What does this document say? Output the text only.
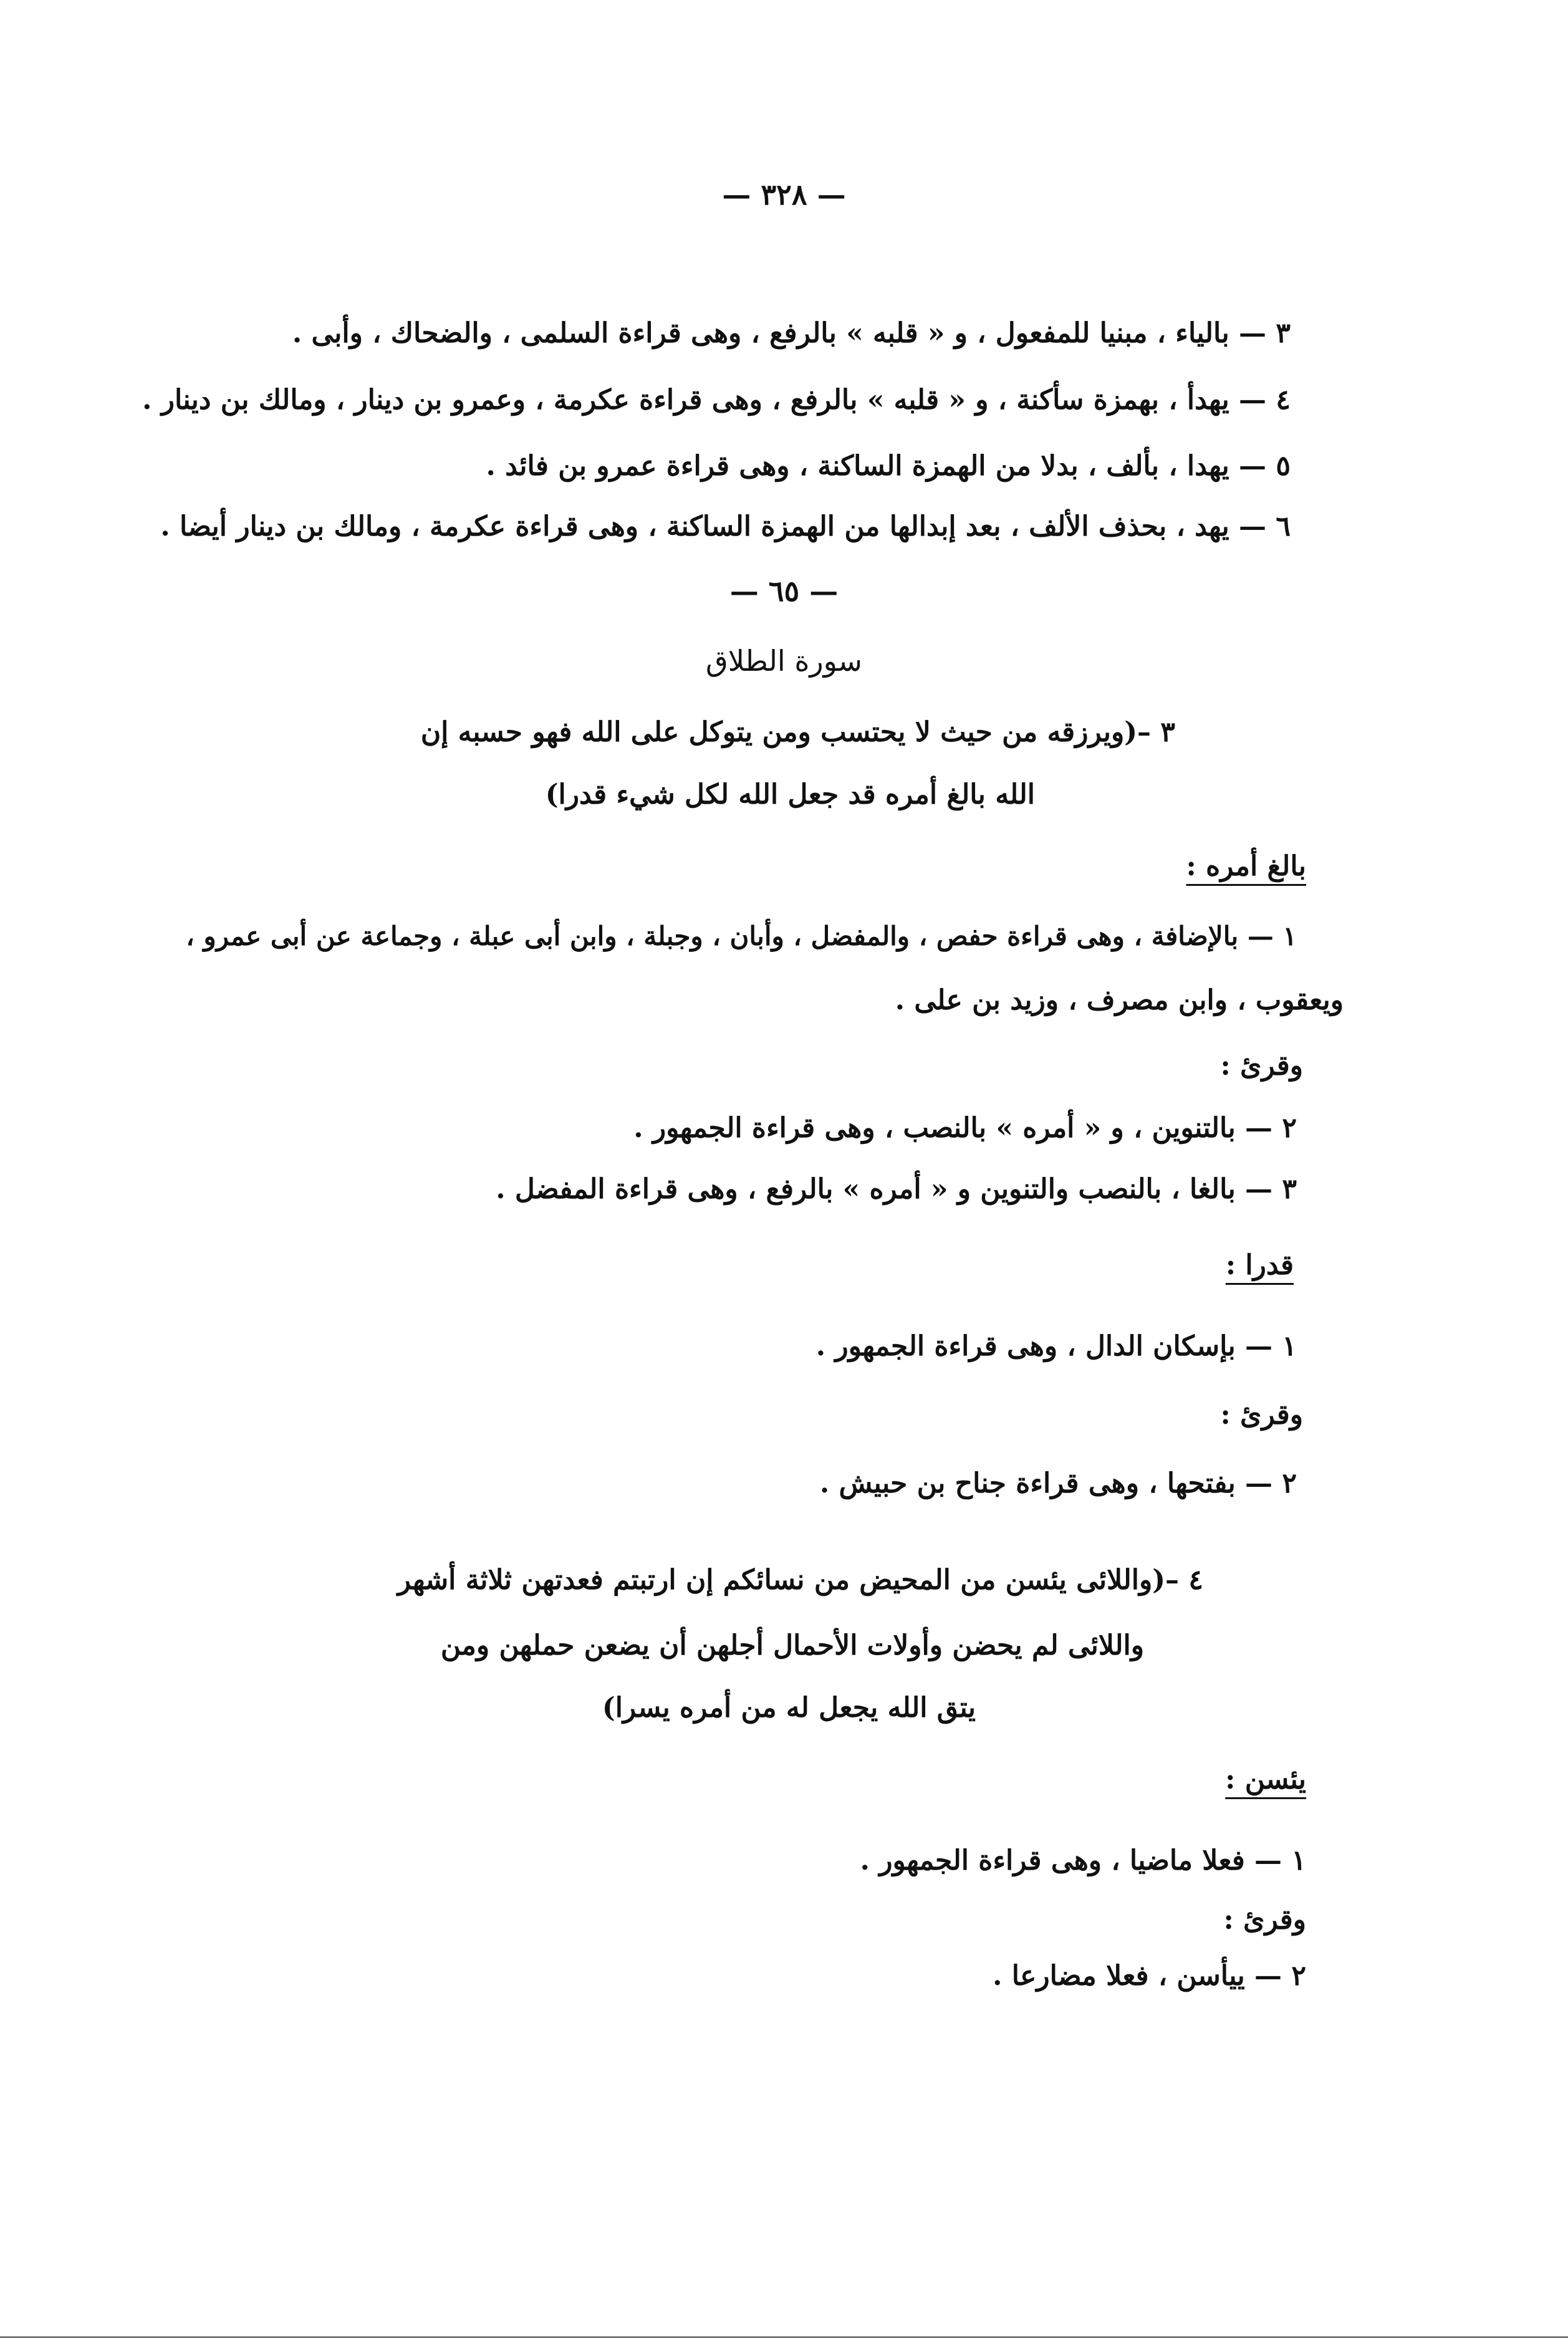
— ٣٢٨ —
٣ — بالياء ، مبنيا للمفعول ، و « قلبه » بالرفع ، وهى قراءة السلمى ، والضحاك ، وأبى .
٤ — يهدأ ، بهمزة سأكنة ، و « قلبه » بالرفع ، وهى قراءة عكرمة ، وعمرو بن دينار ، ومالك بن دينار .
٥ — يهدا ، بألف ، بدلا من الهمزة الساكنة ، وهى قراءة عمرو بن فائد .
٦ — يهد ، بحذف الألف ، بعد إبدالها من الهمزة الساكنة ، وهى قراءة عكرمة ، ومالك بن دينار أيضا .
— ٦٥ —
سورة الطلاق
٣ –(ويرزقه من حيث لا يحتسب ومن يتوكل على الله فهو حسبه إن
الله بالغ أمره قد جعل الله لكل شيء قدرا)
بالغ أمره :
١ — بالإضافة ، وهى قراءة حفص ، والمفضل ، وأبان ، وجبلة ، وابن أبى عبلة ، وجماعة عن أبى عمرو ،
ويعقوب ، وابن مصرف ، وزيد بن على .
وقرئ :
٢ — بالتنوين ، و « أمره » بالنصب ، وهى قراءة الجمهور .
٣ — بالغا ، بالنصب والتنوين و « أمره » بالرفع ، وهى قراءة المفضل .
قدرا :
١ — بإسكان الدال ، وهى قراءة الجمهور .
وقرئ :
٢ — بفتحها ، وهى قراءة جناح بن حبيش .
٤ –(واللائى يئسن من المحيض من نسائكم إن ارتبتم فعدتهن ثلاثة أشهر
واللائى لم يحضن وأولات الأحمال أجلهن أن يضعن حملهن ومن
يتق الله يجعل له من أمره يسرا)
يئسن :
١ — فعلا ماضيا ، وهى قراءة الجمهور .
وقرئ :
٢ — ييأسن ، فعلا مضارعا .
